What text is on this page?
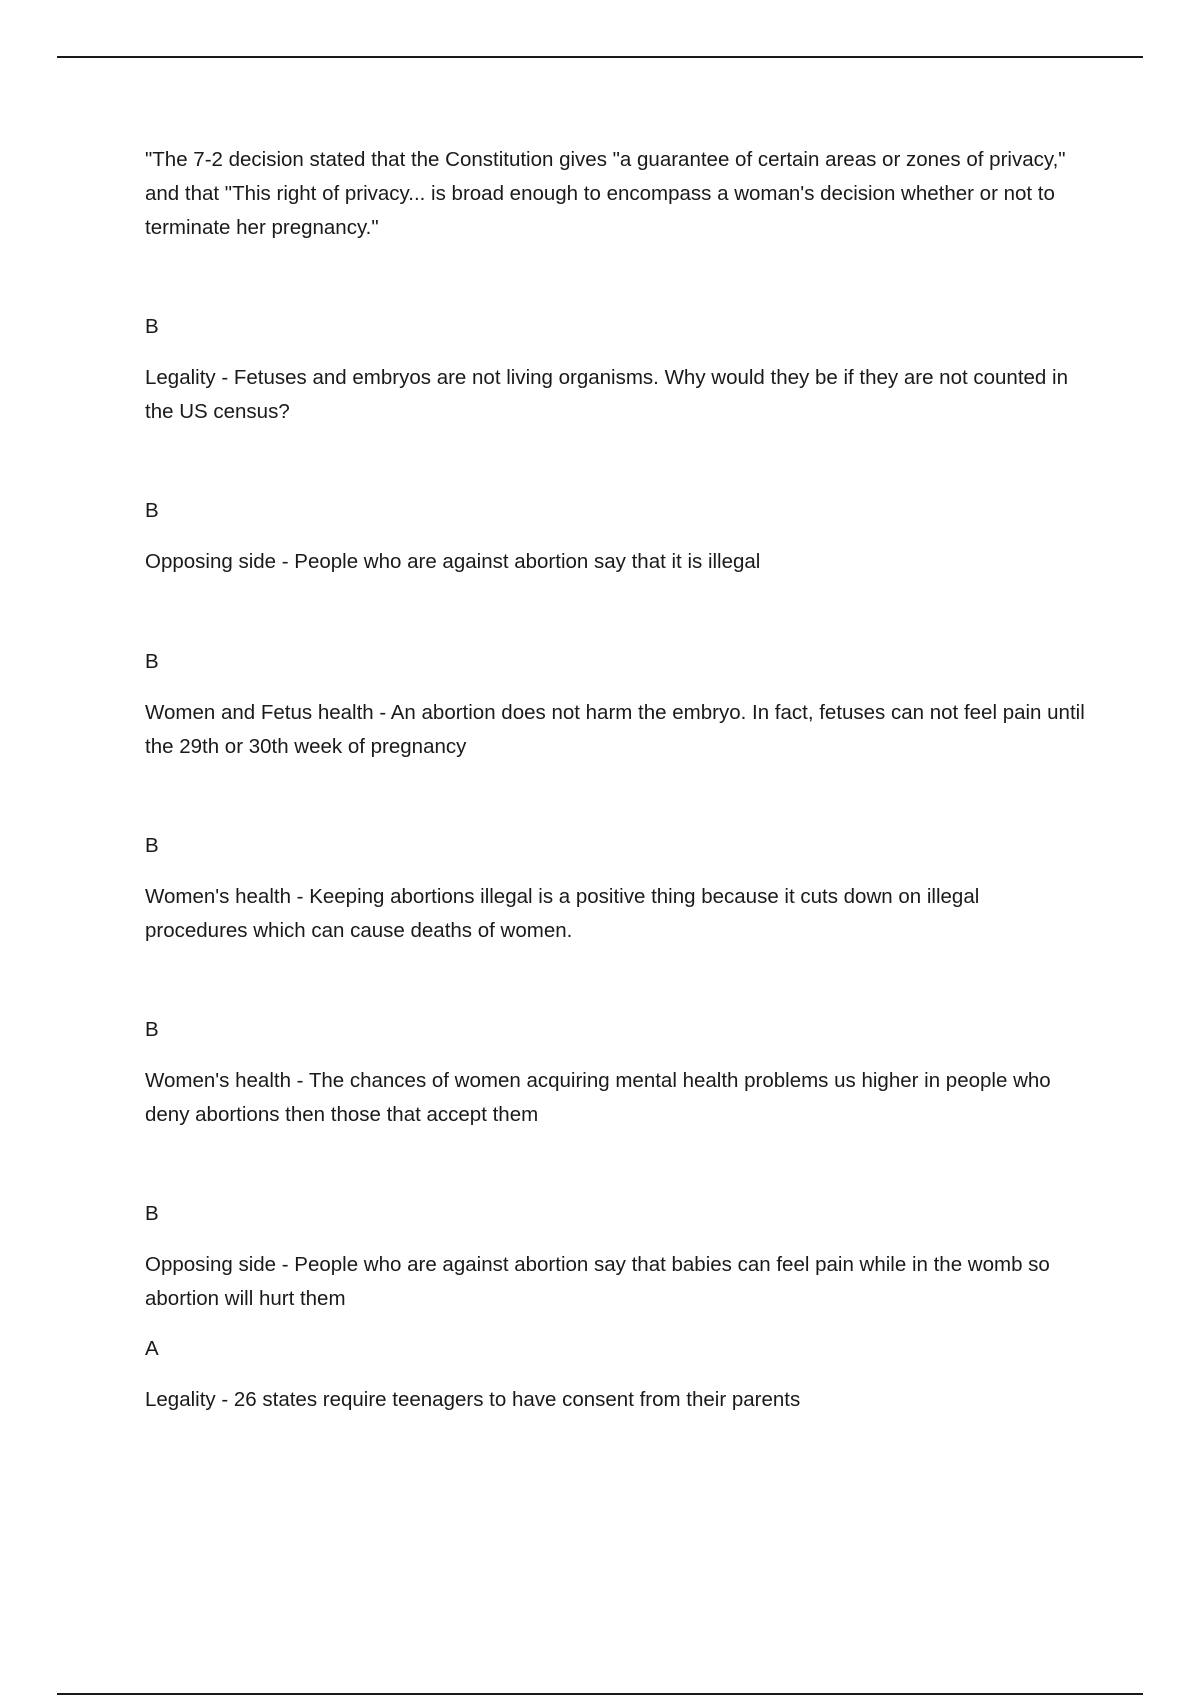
"The 7-2 decision stated that the Constitution gives "a guarantee of certain areas or zones of privacy," and that "This right of privacy... is broad enough to encompass a woman's decision whether or not to terminate her pregnancy."

B

Legality - Fetuses and embryos are not living organisms. Why would they be if they are not counted in the US census?

B

Opposing side - People who are against abortion say that it is illegal

B

Women and Fetus health - An abortion does not harm the embryo. In fact, fetuses can not feel pain until the 29th or 30th week of pregnancy

B

Women's health - Keeping abortions illegal is a positive thing because it cuts down on illegal procedures which can cause deaths of women.

B

Women's health - The chances of women acquiring mental health problems us higher in people who deny abortions then those that accept them

B

Opposing side - People who are against abortion say that babies can feel pain while in the womb so abortion will hurt them

A

Legality - 26 states require teenagers to have consent from their parents
